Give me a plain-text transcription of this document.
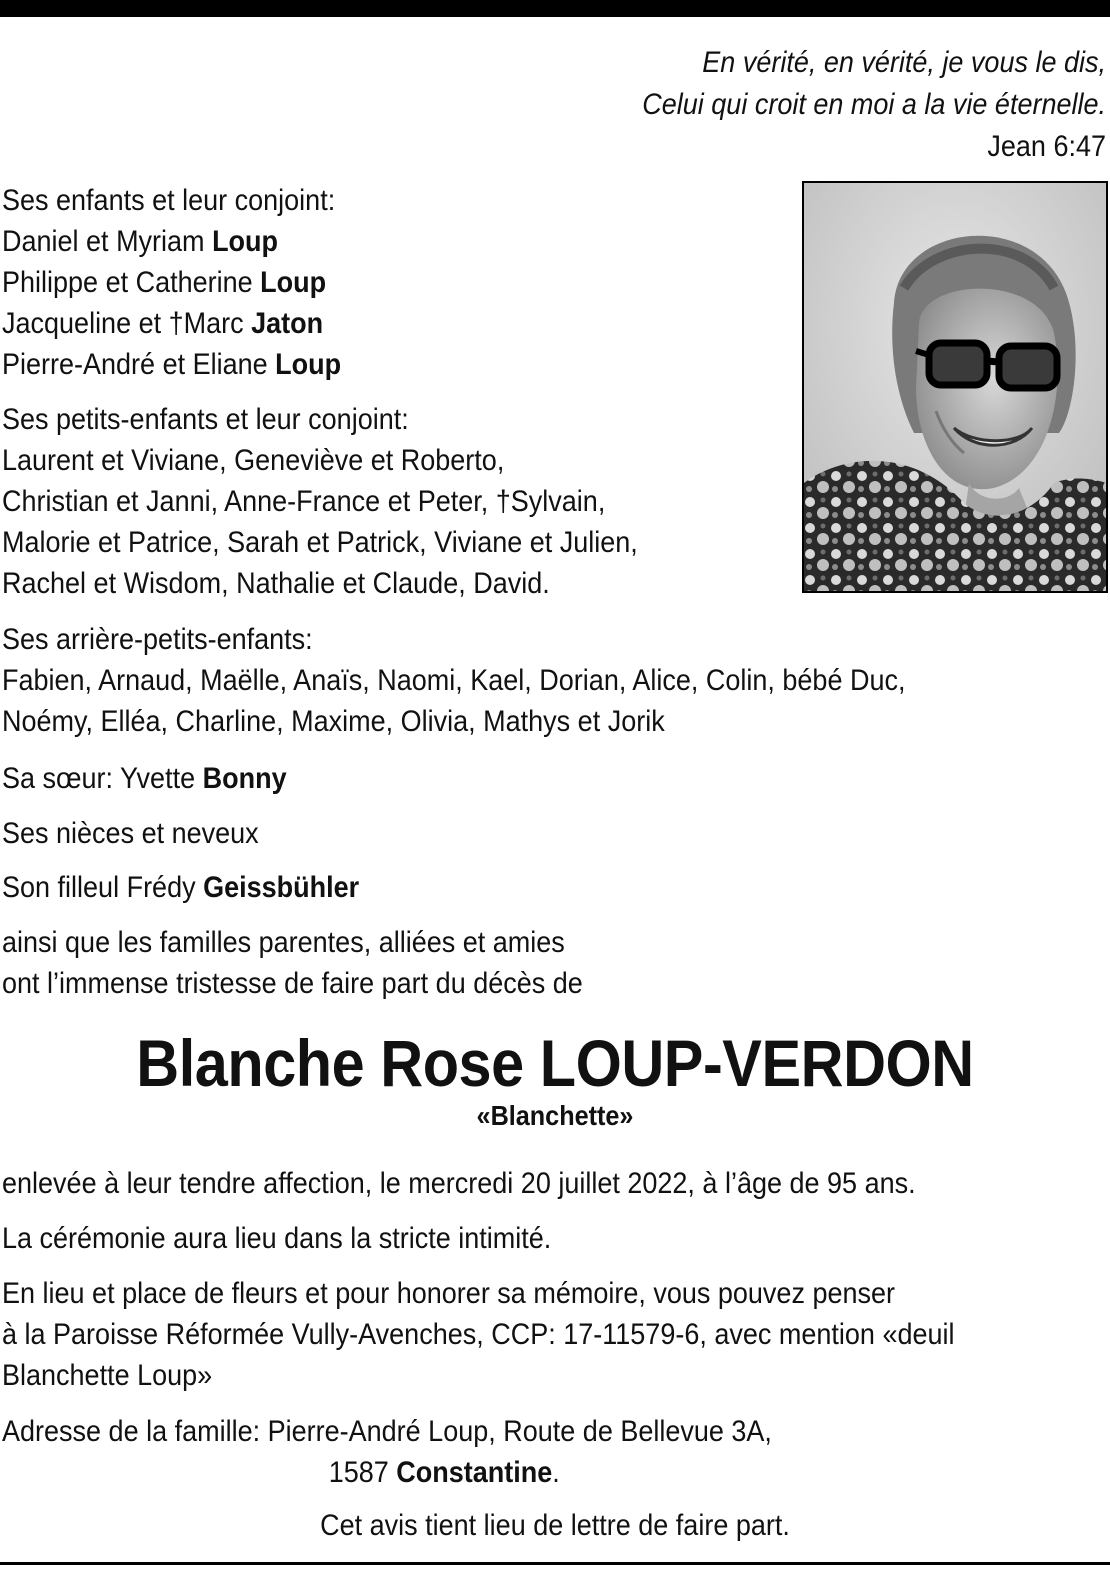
En vérité, en vérité, je vous le dis,
Celui qui croit en moi a la vie éternelle.
Jean 6:47
Ses enfants et leur conjoint:
Daniel et Myriam Loup
Philippe et Catherine Loup
Jacqueline et †Marc Jaton
Pierre-André et Eliane Loup
Ses petits-enfants et leur conjoint:
Laurent et Viviane, Geneviève et Roberto,
Christian et Janni, Anne-France et Peter, †Sylvain,
Malorie et Patrice, Sarah et Patrick, Viviane et Julien,
Rachel et Wisdom, Nathalie et Claude, David.
Ses arrière-petits-enfants:
Fabien, Arnaud, Maëlle, Anaïs, Naomi, Kael, Dorian, Alice, Colin, bébé Duc,
Noémy, Elléa, Charline, Maxime, Olivia, Mathys et Jorik
Sa sœur: Yvette Bonny
Ses nièces et neveux
Son filleul Frédy Geissbühler
ainsi que les familles parentes, alliées et amies
ont l’immense tristesse de faire part du décès de
Blanche Rose LOUP-VERDON
«Blanchette»
enlevée à leur tendre affection, le mercredi 20 juillet 2022, à l’âge de 95 ans.
La cérémonie aura lieu dans la stricte intimité.
En lieu et place de fleurs et pour honorer sa mémoire, vous pouvez penser
à la Paroisse Réformée Vully-Avenches, CCP: 17-11579-6, avec mention «deuil
Blanchette Loup»
Adresse de la famille: Pierre-André Loup, Route de Bellevue 3A,
1587 Constantine.
Cet avis tient lieu de lettre de faire part.
